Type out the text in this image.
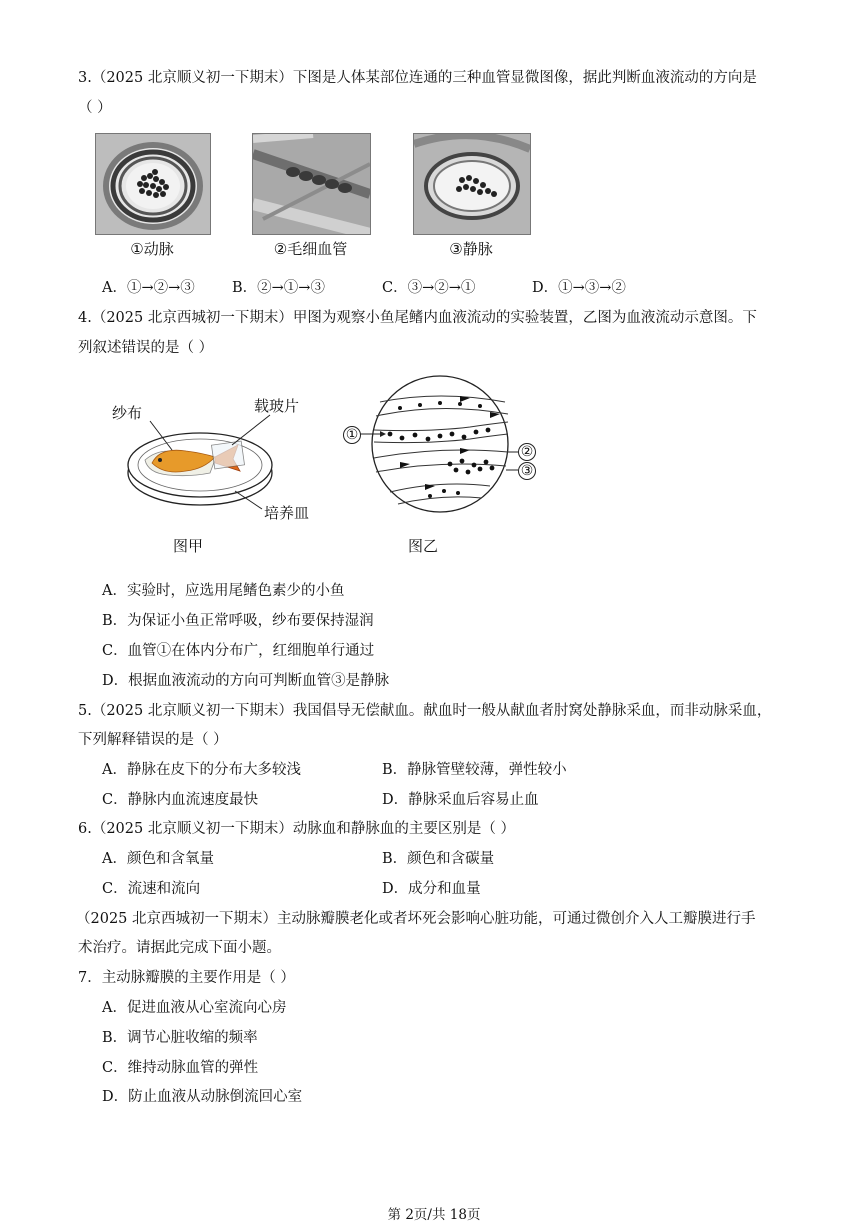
3.（2025 北京顺义初一下期末）下图是人体某部位连通的三种血管显微图像，据此判断血液流动的方向是
（ ）
①动脉	②毛细血管	③静脉
A．①→②→③	B．②→①→③	C．③→②→①	D．①→③→②
4.（2025 北京西城初一下期末）甲图为观察小鱼尾鳍内血液流动的实验装置，乙图为血液流动示意图。下
列叙述错误的是（ ）
纱布	载玻片
培养皿
图甲
①
②
③
图乙
A．实验时，应选用尾鳍色素少的小鱼
B．为保证小鱼正常呼吸，纱布要保持湿润
C．血管①在体内分布广，红细胞单行通过
D．根据血液流动的方向可判断血管③是静脉
5.（2025 北京顺义初一下期末）我国倡导无偿献血。献血时一般从献血者肘窝处静脉采血，而非动脉采血，
下列解释错误的是（ ）
A．静脉在皮下的分布大多较浅	B．静脉管壁较薄，弹性较小
C．静脉内血流速度最快	D．静脉采血后容易止血
6.（2025 北京顺义初一下期末）动脉血和静脉血的主要区别是（ ）
A．颜色和含氧量	B．颜色和含碳量
C．流速和流向	D．成分和血量
（2025 北京西城初一下期末）主动脉瓣膜老化或者坏死会影响心脏功能，可通过微创介入人工瓣膜进行手
术治疗。请据此完成下面小题。
7．主动脉瓣膜的主要作用是（ ）
A．促进血液从心室流向心房
B．调节心脏收缩的频率
C．维持动脉血管的弹性
D．防止血液从动脉倒流回心室
第 2页/共 18页
